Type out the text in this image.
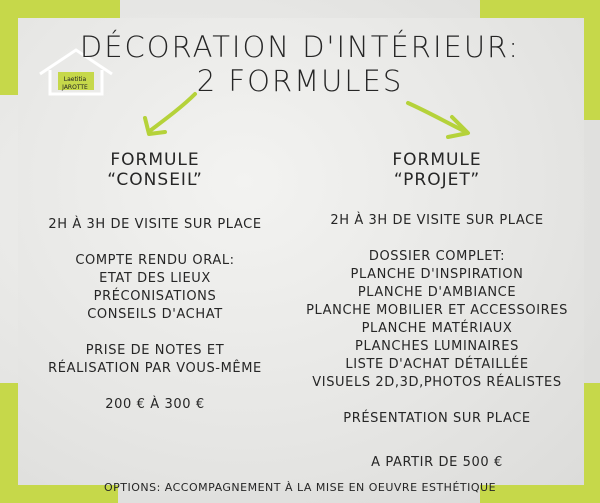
Laetitia
JAROTTE
DÉCORATION D'INTÉRIEUR:
2 FORMULES
FORMULE
“CONSEIL”
2H À 3H DE VISITE SUR PLACE
COMPTE RENDU ORAL:
ETAT DES LIEUX
PRÉCONISATIONS
CONSEILS D'ACHAT
PRISE DE NOTES ET
RÉALISATION PAR VOUS-MÊME
200 € À 300 €
FORMULE
“PROJET”
2H À 3H DE VISITE SUR PLACE
DOSSIER COMPLET:
PLANCHE D'INSPIRATION
PLANCHE D'AMBIANCE
PLANCHE MOBILIER ET ACCESSOIRES
PLANCHE MATÉRIAUX
PLANCHES LUMINAIRES
LISTE D'ACHAT DÉTAILLÉE
VISUELS 2D,3D,PHOTOS RÉALISTES
PRÉSENTATION SUR PLACE
A PARTIR DE 500 €
OPTIONS: ACCOMPAGNEMENT À LA MISE EN OEUVRE ESTHÉTIQUE
